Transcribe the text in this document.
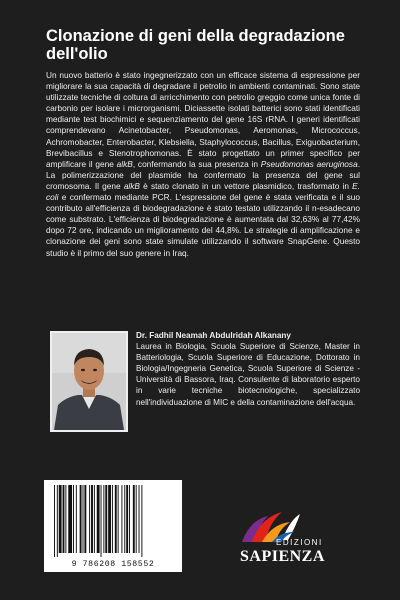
Clonazione di geni della degradazione dell'olio
Un nuovo batterio è stato ingegnerizzato con un efficace sistema di espressione per migliorare la sua capacità di degradare il petrolio in ambienti contaminati. Sono state utilizzate tecniche di coltura di arricchimento con petrolio greggio come unica fonte di carbonio per isolare i microrganismi. Diciassette isolati batterici sono stati identificati mediante test biochimici e sequenziamento del gene 16S rRNA. I generi identificati comprendevano Acinetobacter, Pseudomonas, Aeromonas, Micrococcus, Achromobacter, Enterobacter, Klebsiella, Staphylococcus, Bacillus, Exiguobacterium, Brevibacillus e Stenotrophomonas. È stato progettato un primer specifico per amplificare il gene alkB, confermando la sua presenza in Pseudomonas aeruginosa. La polimerizzazione del plasmide ha confermato la presenza del gene sul cromosoma. Il gene alkB è stato clonato in un vettore plasmidico, trasformato in E. coli e confermato mediante PCR. L'espressione del gene è stata verificata e il suo contributo all'efficienza di biodegradazione è stato testato utilizzando il n-esadecano come substrato. L'efficienza di biodegradazione è aumentata dal 32,63% al 77,42% dopo 72 ore, indicando un miglioramento del 44,8%. Le strategie di amplificazione e clonazione dei geni sono state simulate utilizzando il software SnapGene. Questo studio è il primo del suo genere in Iraq.
Dr. Fadhil Neamah Abdulridah Alkanany
Laurea in Biologia, Scuola Superiore di Scienze, Master in Batteriologia, Scuola Superiore di Educazione, Dottorato in Biologia/Ingegneria Genetica, Scuola Superiore di Scienze - Università di Bassora, Iraq. Consulente di laboratorio esperto in varie tecniche biotecnologiche, specializzato nell'individuazione di MIC e della contaminazione dell'acqua.
9 786208 158552
EDIZIONI
SAPIENZA
